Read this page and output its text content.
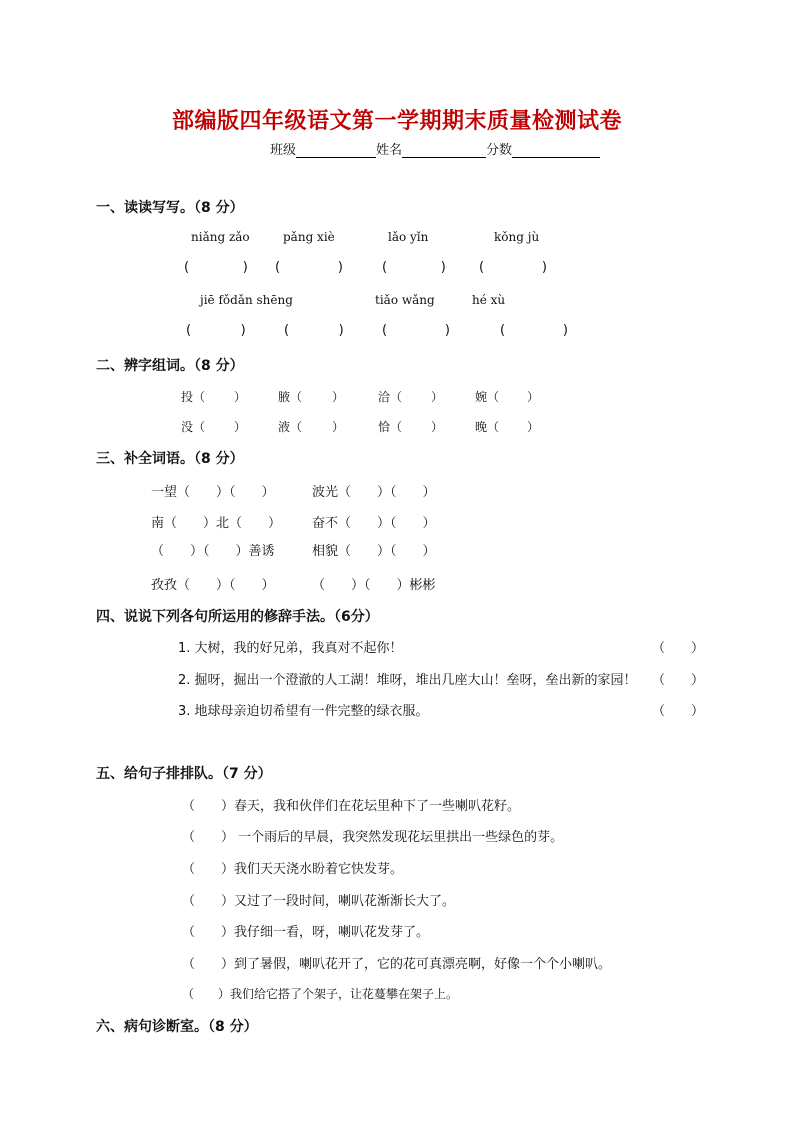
部编版四年级语文第一学期期末质量检测试卷
班级	姓名	分数
一、读读写写。（8 分）
niǎng zǎo	pǎng xiè	lǎo yǐn	kǒng jù
(             ) (              )	(             )	(              )
jiē fǒdǎn shēng	tiǎo wǎng	hé xù
(            )	(            )	(              )	(              )
二、辨字组词。（8 分）
投（ ）	腋（ ）	洽（ ）	婉（ ）
没（ ）	液（ ）	恰（ ）	晚（ ）
三、补全词语。（8 分）
一望（　　）（　　）	波光（　　）（　　）
南（　　）北（　　） 奋不（　　）（　　）
（　　）（　　）善诱	相貌（　　）（　　）
孜孜（　　）（　　）	（　　）（　　）彬彬
四、说说下列各句所运用的修辞手法。（6分）
1. 大树，我的好兄弟，我真对不起你！	（　　）
2. 掘呀，掘出一个澄澈的人工湖！堆呀，堆出几座大山！垒呀，垒出新的家园！ （　　）
3. 地球母亲迫切希望有一件完整的绿衣服。	（　　）
五、给句子排排队。（7 分）
（　　）春天，我和伙伴们在花坛里种下了一些喇叭花籽。
（　　） 一个雨后的早晨，我突然发现花坛里拱出一些绿色的芽。
（　　）我们天天浇水盼着它快发芽。
（　　）又过了一段时间，喇叭花渐渐长大了。
（　　）我仔细一看，呀，喇叭花发芽了。
（　　）到了暑假，喇叭花开了，它的花可真漂亮啊，好像一个个小喇叭。
（　　）我们给它搭了个架子，让花蔓攀在架子上。
六、病句诊断室。（8 分）
